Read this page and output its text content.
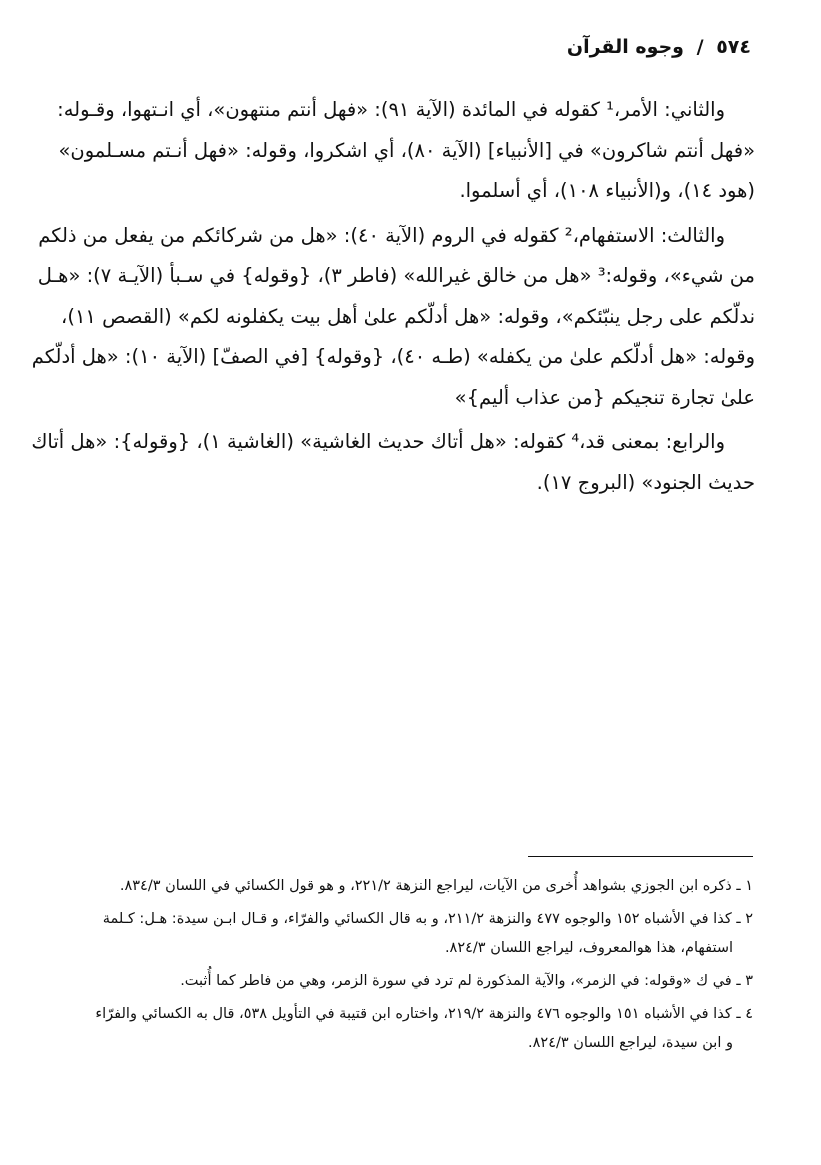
٥٧٤ / وجوه القرآن

والثاني: الأمر،¹ كقوله في المائدة (الآية ٩١): «فهل أنتم منتهون»، أي انـتهوا، وقـوله:
«فهل أنتم شاكرون» في [الأنبياء] (الآية ٨٠)، أي اشكروا، وقوله: «فهل أنـتم مسـلمون»
(هود ١٤)، و(الأنبياء ١٠٨)، أي أسلموا.

والثالث: الاستفهام،² كقوله في الروم (الآية ٤٠): «هل من شركائكم من يفعل من ذلكم
من شيء»، وقوله:³ «هل من خالق غيرالله» (فاطر ٣)، {وقوله} في سـبأ (الآيـة ٧): «هـل
ندلّكم على رجل ينبّئكم»، وقوله: «هل أدلّكم علىٰ أهل بيت يكفلونه لكم» (القصص ١١)،
وقوله: «هل أدلّكم علىٰ من يكفله» (طـه ٤٠)، {وقوله} [في الصفّ] (الآية ١٠): «هل أدلّكم
علىٰ تجارة تنجيكم {من عذاب أليم}»

والرابع: بمعنى قد،⁴ كقوله: «هل أتاك حديث الغاشية» (الغاشية ١)، {وقوله}: «هل أتاك
حديث الجنود» (البروج ١٧).

١ ـ ذكره ابن الجوزي بشواهد أُخرى من الآيات، ليراجع النزهة ٢٢١/٢، و هو قول الكسائي في اللسان ٨٣٤/٣.
٢ ـ كذا في الأشباه ١٥٢ والوجوه ٤٧٧ والنزهة ٢١١/٢، و به قال الكسائي والفرّاء، و قـال ابـن سيدة: هـل: كـلمة
استفهام، هذا هوالمعروف، ليراجع اللسان ٨٢٤/٣.
٣ ـ في ك «وقوله: في الزمر»، والآية المذكورة لم ترد في سورة الزمر، وهي من فاطر كما أُثبت.
٤ ـ كذا في الأشباه ١٥١ والوجوه ٤٧٦ والنزهة ٢١٩/٢، واختاره ابن قتيبة في التأويل ٥٣٨، قال به الكسائي والفرّاء
و ابن سيدة، ليراجع اللسان ٨٢٤/٣.
